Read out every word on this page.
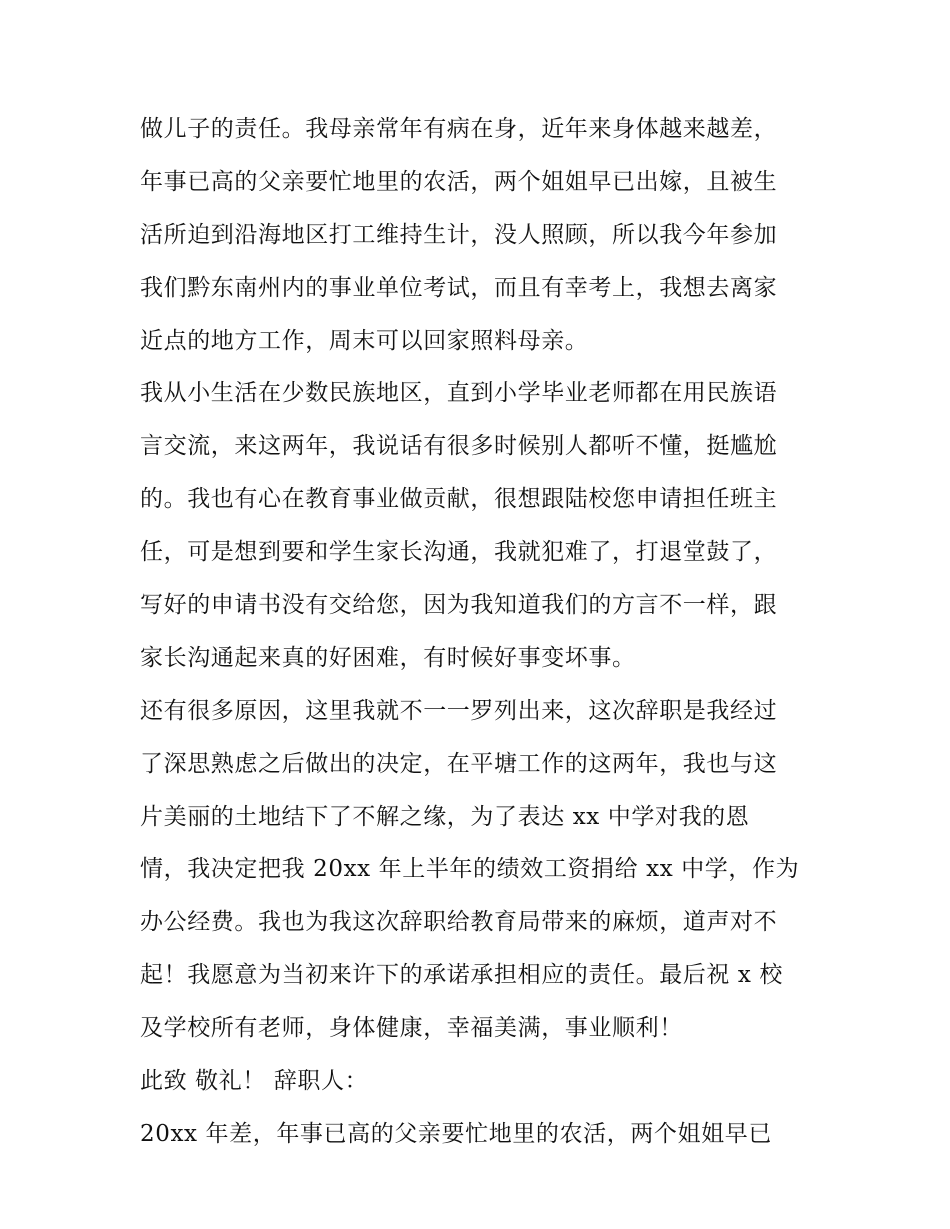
做儿子的责任。我母亲常年有病在身，近年来身体越来越差，
年事已高的父亲要忙地里的农活，两个姐姐早已出嫁，且被生
活所迫到沿海地区打工维持生计，没人照顾，所以我今年参加
我们黔东南州内的事业单位考试，而且有幸考上，我想去离家
近点的地方工作，周末可以回家照料母亲。
我从小生活在少数民族地区，直到小学毕业老师都在用民族语
言交流，来这两年，我说话有很多时候别人都听不懂，挺尴尬
的。我也有心在教育事业做贡献，很想跟陆校您申请担任班主
任，可是想到要和学生家长沟通，我就犯难了，打退堂鼓了，
写好的申请书没有交给您，因为我知道我们的方言不一样，跟
家长沟通起来真的好困难，有时候好事变坏事。
还有很多原因，这里我就不一一罗列出来，这次辞职是我经过
了深思熟虑之后做出的决定，在平塘工作的这两年，我也与这
片美丽的土地结下了不解之缘，为了表达 xx 中学对我的恩
情，我决定把我 20xx 年上半年的绩效工资捐给 xx 中学，作为
办公经费。我也为我这次辞职给教育局带来的麻烦，道声对不
起！我愿意为当初来许下的承诺承担相应的责任。最后祝 x 校
及学校所有老师，身体健康，幸福美满，事业顺利！
此致 敬礼！ 辞职人：
20xx 年差，年事已高的父亲要忙地里的农活，两个姐姐早已
